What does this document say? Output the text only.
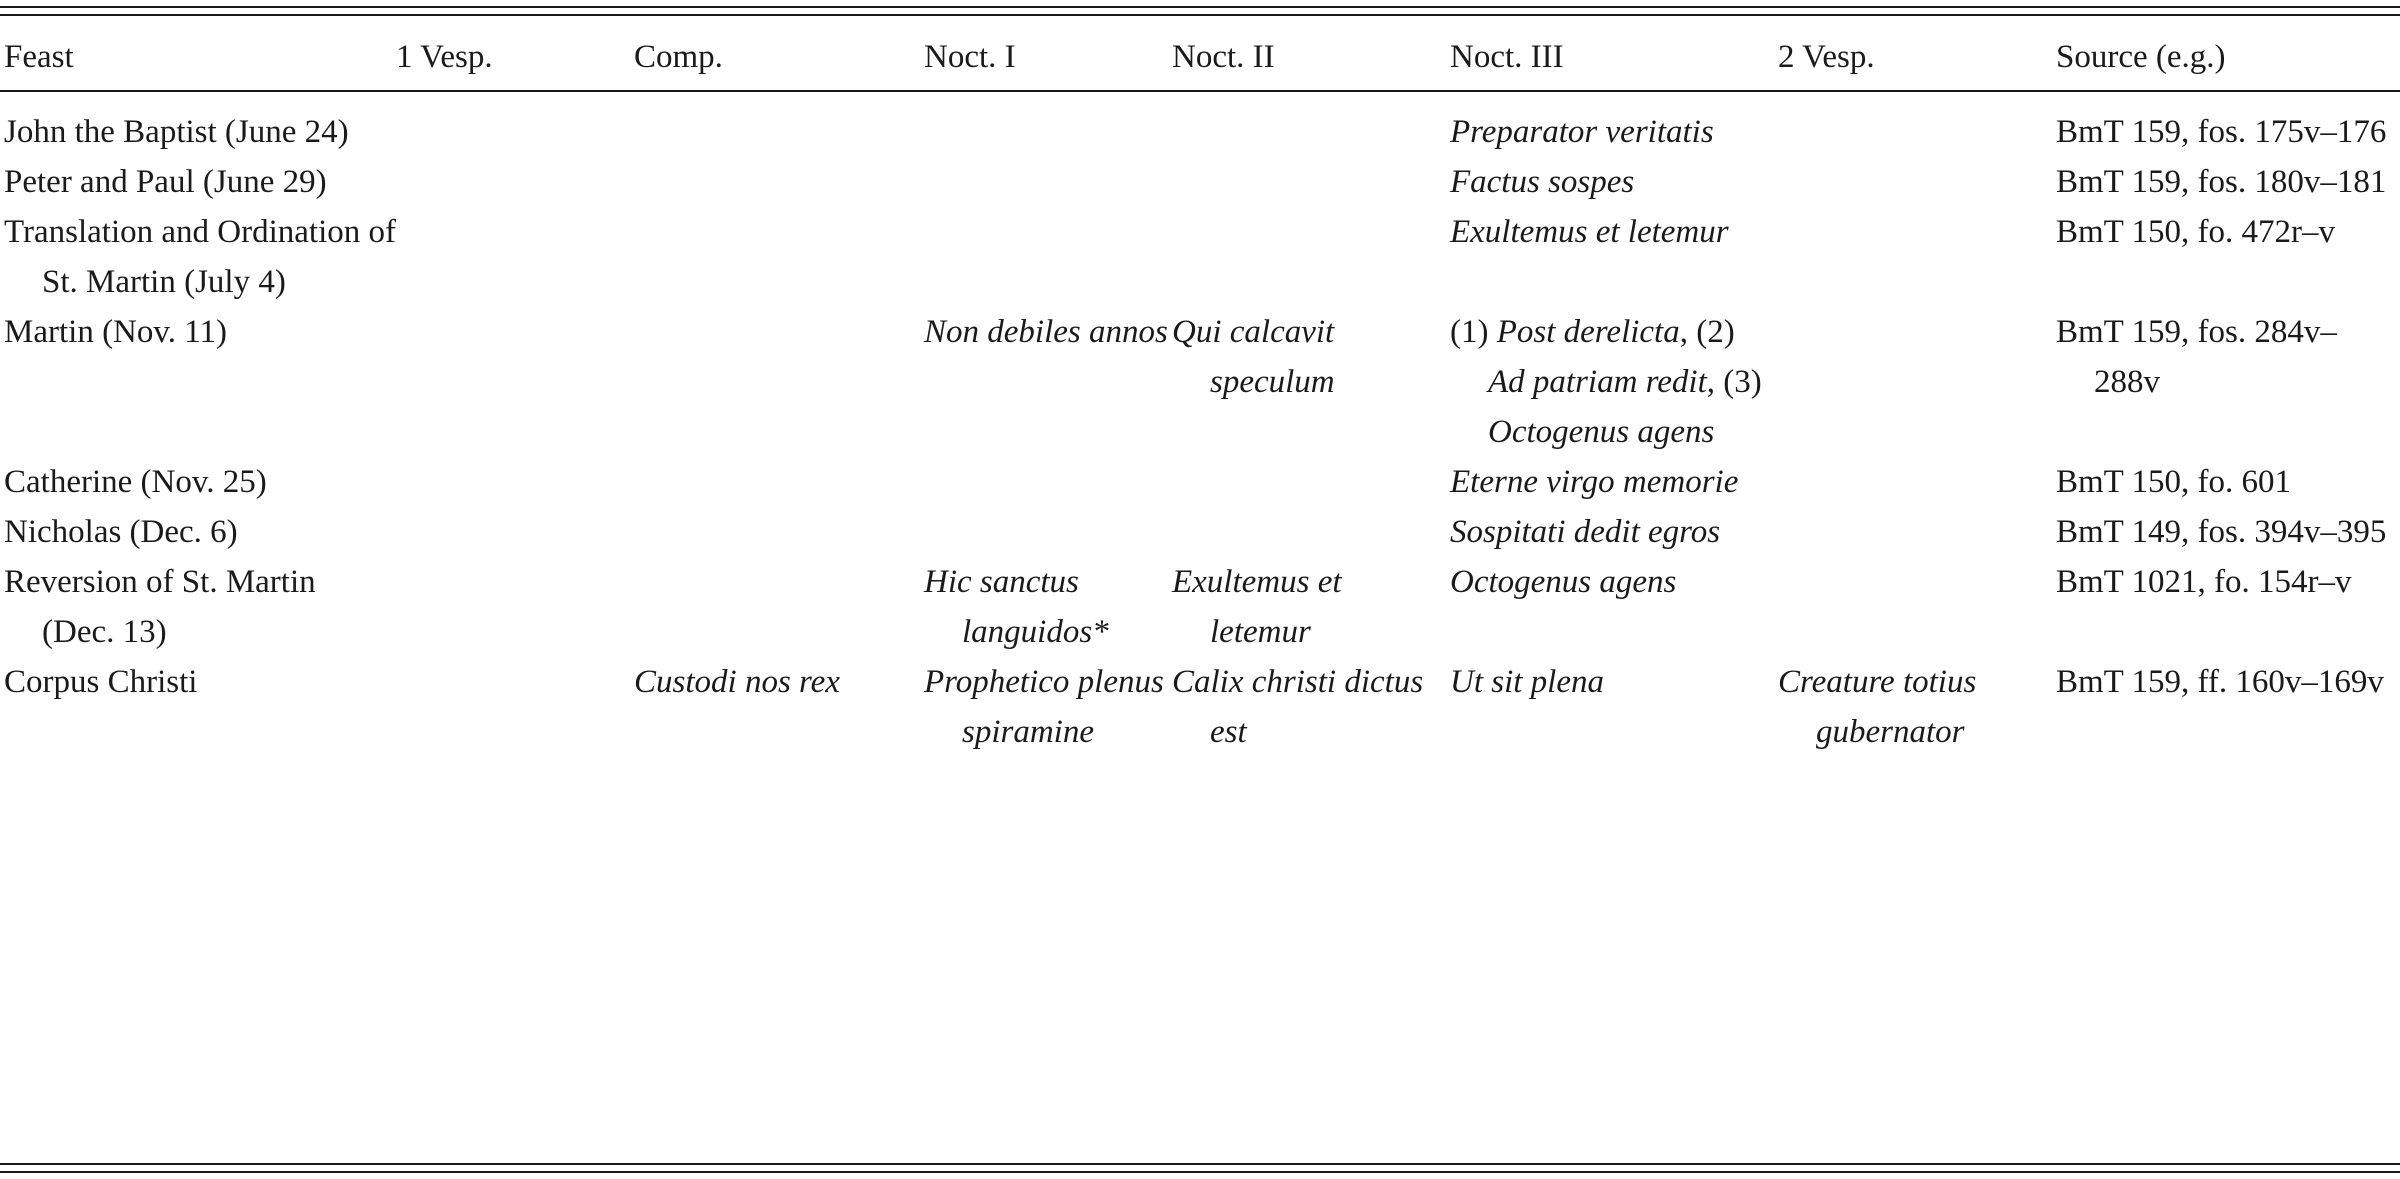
Feast	1 Vesp.	Comp.	Noct. I	Noct. II	Noct. III	2 Vesp.	Source (e.g.)

John the Baptist (June 24)					Preparator veritatis		BmT 159, fos. 175v–176

Peter and Paul (June 29)					Factus sospes		BmT 159, fos. 180v–181

Translation and Ordination of St. Martin (July 4)					Exultemus et letemur		BmT 150, fo. 472r–v

Martin (Nov. 11)			Non debiles annos	Qui calcavit speculum	(1) Post derelicta, (2) Ad patriam redit, (3) Octogenus agens		BmT 159, fos. 284v–288v

Catherine (Nov. 25)					Eterne virgo memorie		BmT 150, fo. 601

Nicholas (Dec. 6)					Sospitati dedit egros		BmT 149, fos. 394v–395

Reversion of St. Martin (Dec. 13)			Hic sanctus languidos*	Exultemus et letemur	Octogenus agens		BmT 1021, fo. 154r–v

Corpus Christi		Custodi nos rex	Prophetico plenus spiramine	Calix christi dictus est	Ut sit plena	Creature totius gubernator	BmT 159, ff. 160v–169v
